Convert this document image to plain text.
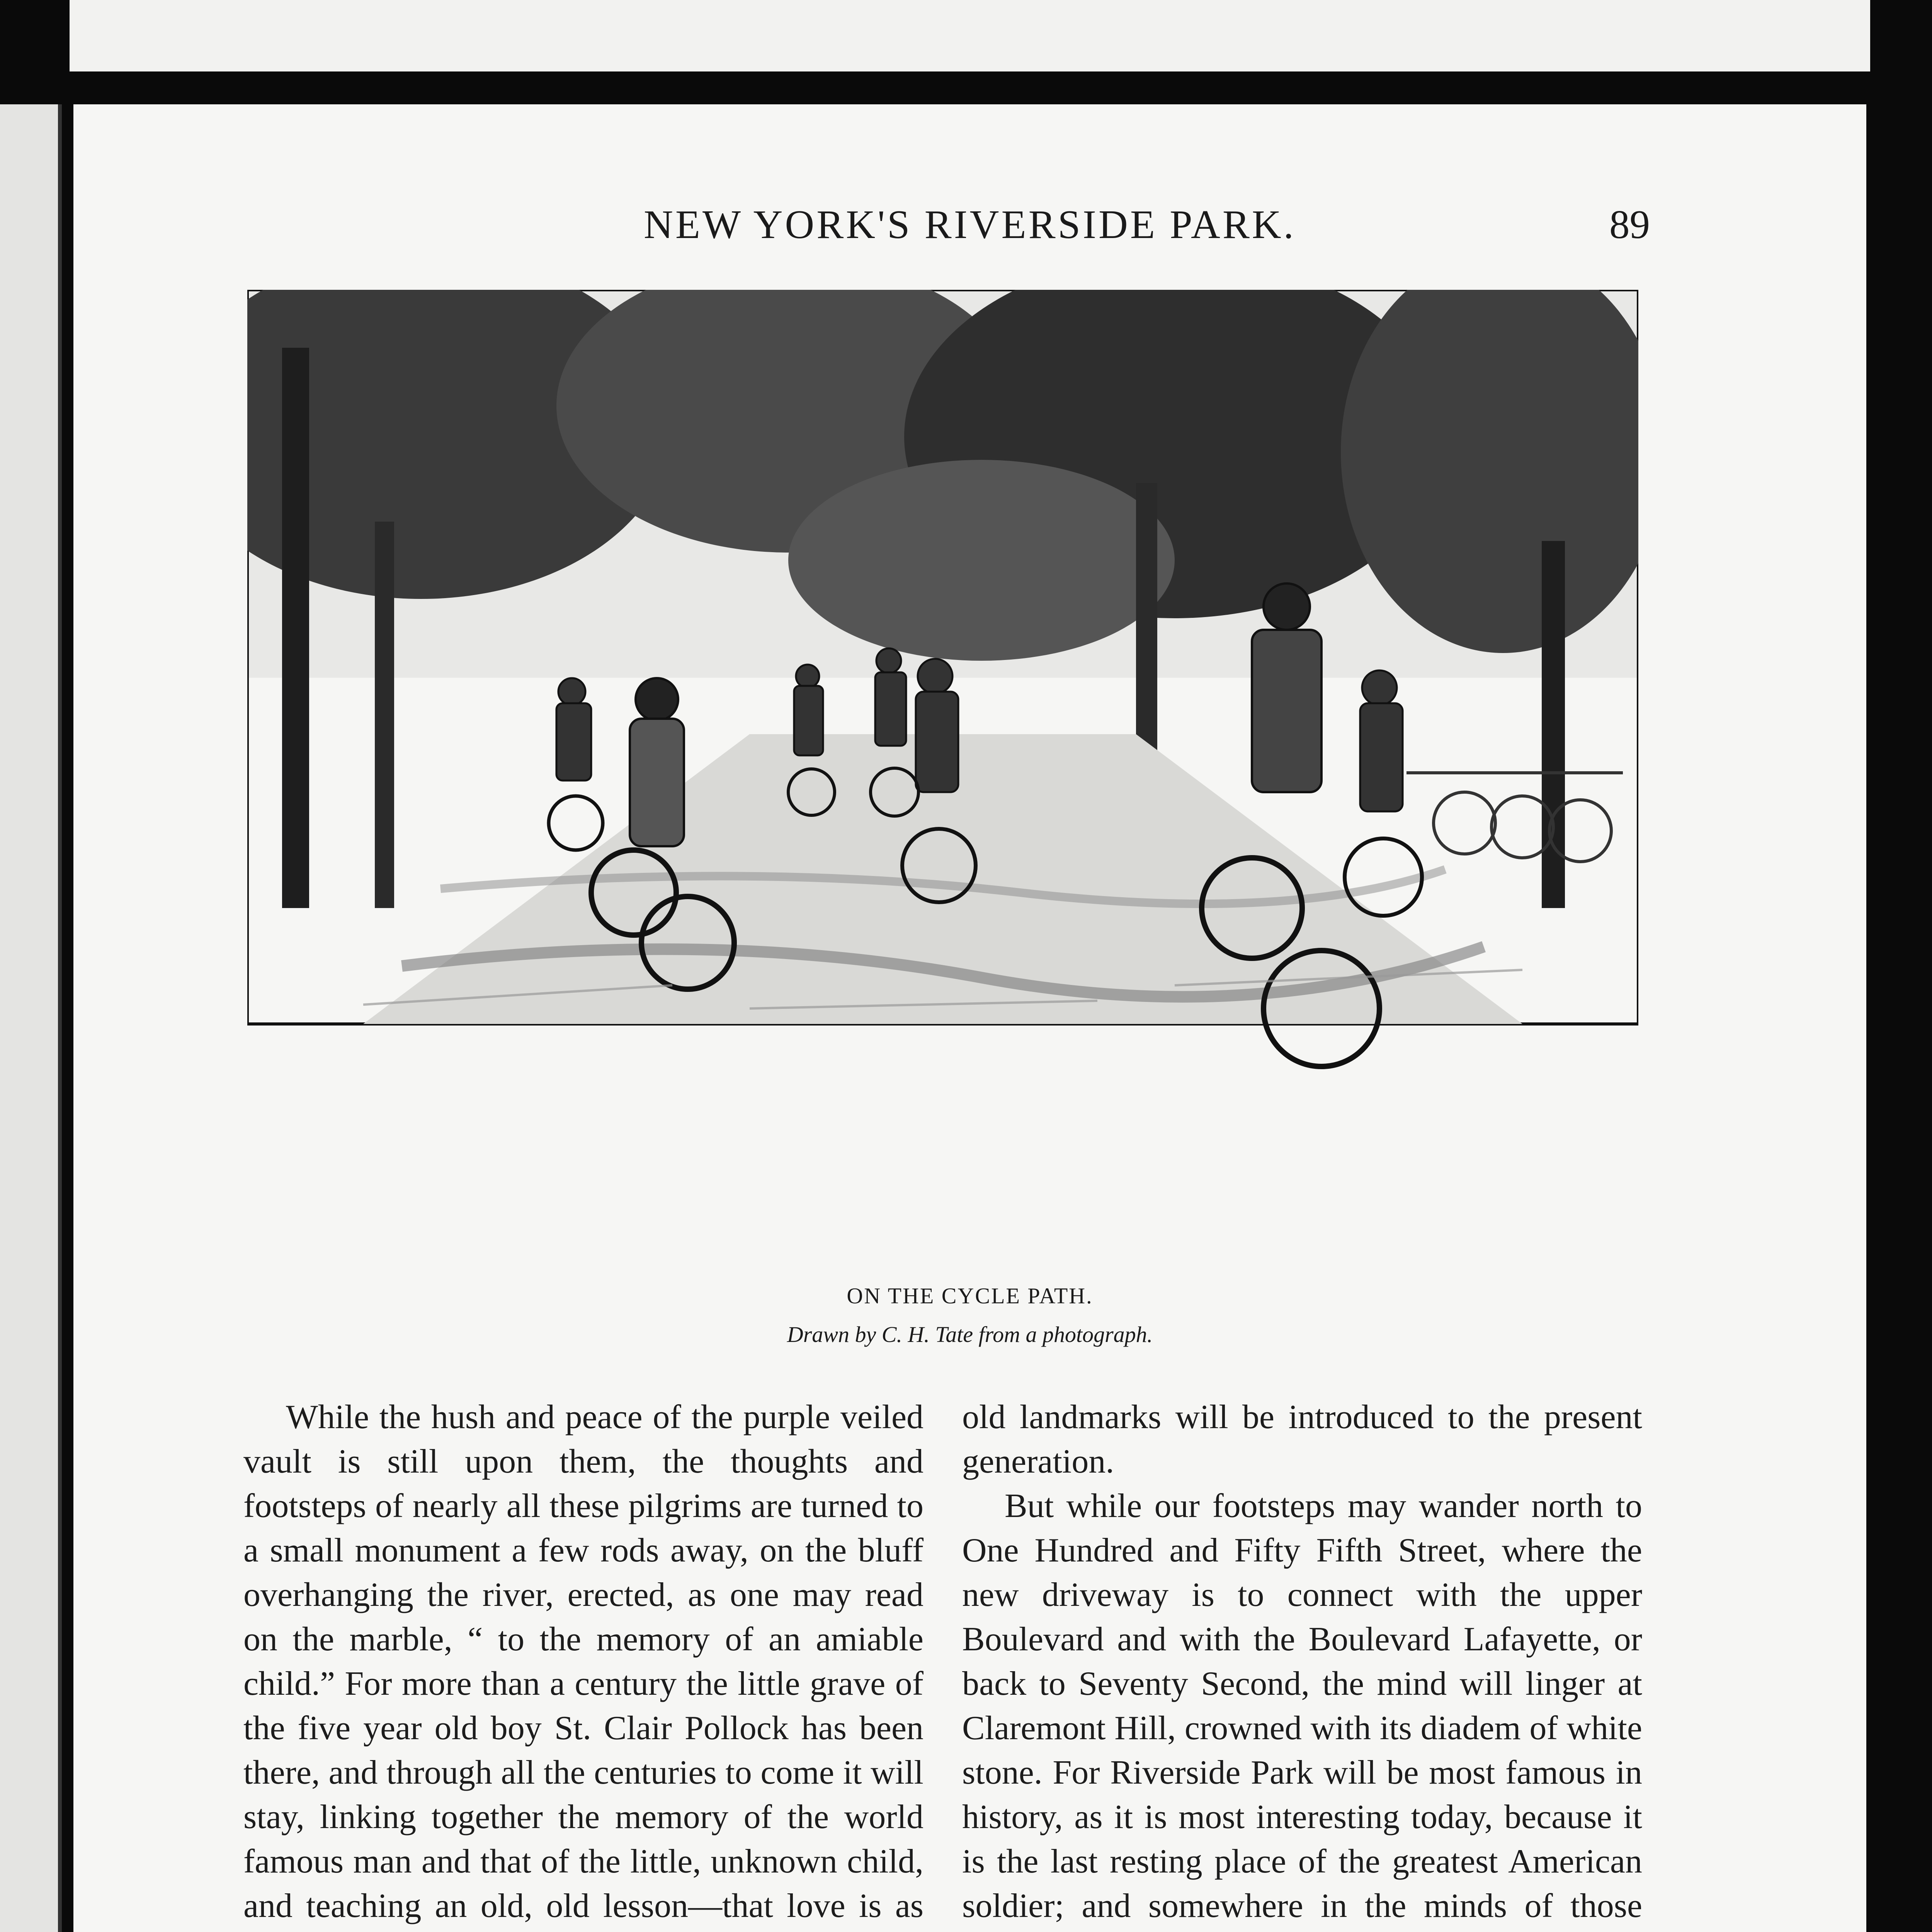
NEW YORK'S RIVERSIDE PARK.	89
ON THE CYCLE PATH.
Drawn by C. H. Tate from a photograph.

While the hush and peace of the purple veiled vault is still upon them, the thoughts and footsteps of nearly all these pilgrims are turned to a small monument a few rods away, on the bluff overhanging the river, erected, as one may read on the marble, “ to the memory of an amiable child.” For more than a century the little grave of the five year old boy St. Clair Pollock has been there, and through all the centuries to come it will stay, linking together the memory of the world famous man and that of the little, unknown child, and teaching an old, old lesson—that love is as

old landmarks will be introduced to the present generation.

But while our footsteps may wander north to One Hundred and Fifty Fifth Street, where the new driveway is to connect with the upper Boulevard and with the Boulevard Lafayette, or back to Seventy Second, the mind will linger at Claremont Hill, crowned with its diadem of white stone. For Riverside Park will be most famous in history, as it is most interesting today, because it is the last resting place of the greatest American soldier; and somewhere in the minds of those
